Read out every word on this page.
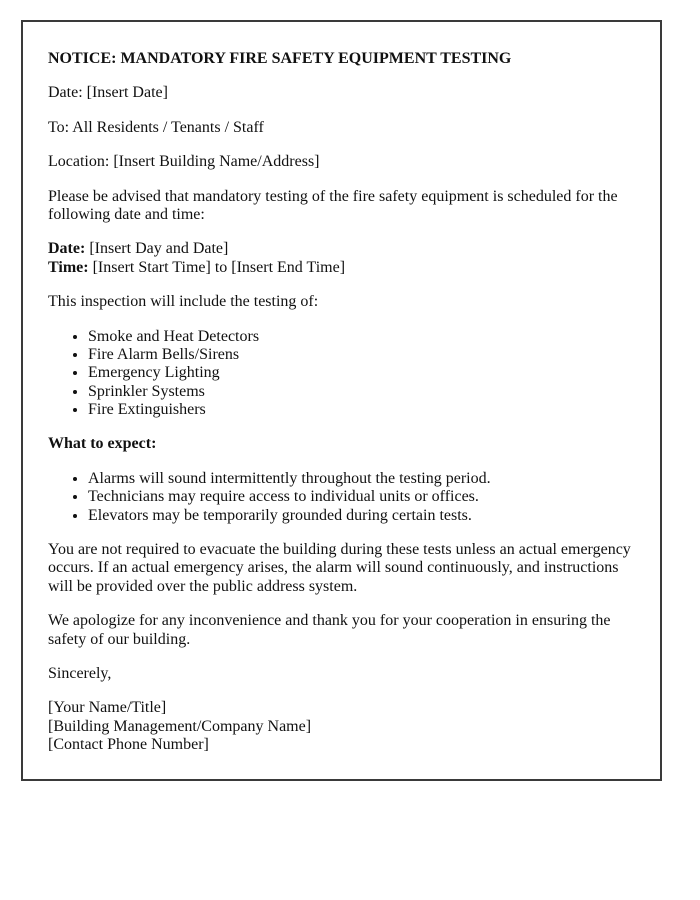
NOTICE: MANDATORY FIRE SAFETY EQUIPMENT TESTING

Date: [Insert Date]

To: All Residents / Tenants / Staff

Location: [Insert Building Name/Address]

Please be advised that mandatory testing of the fire safety equipment is scheduled for the following date and time:

Date: [Insert Day and Date]
Time: [Insert Start Time] to [Insert End Time]

This inspection will include the testing of:

• Smoke and Heat Detectors
• Fire Alarm Bells/Sirens
• Emergency Lighting
• Sprinkler Systems
• Fire Extinguishers

What to expect:

• Alarms will sound intermittently throughout the testing period.
• Technicians may require access to individual units or offices.
• Elevators may be temporarily grounded during certain tests.

You are not required to evacuate the building during these tests unless an actual emergency occurs. If an actual emergency arises, the alarm will sound continuously, and instructions will be provided over the public address system.

We apologize for any inconvenience and thank you for your cooperation in ensuring the safety of our building.

Sincerely,

[Your Name/Title]
[Building Management/Company Name]
[Contact Phone Number]
